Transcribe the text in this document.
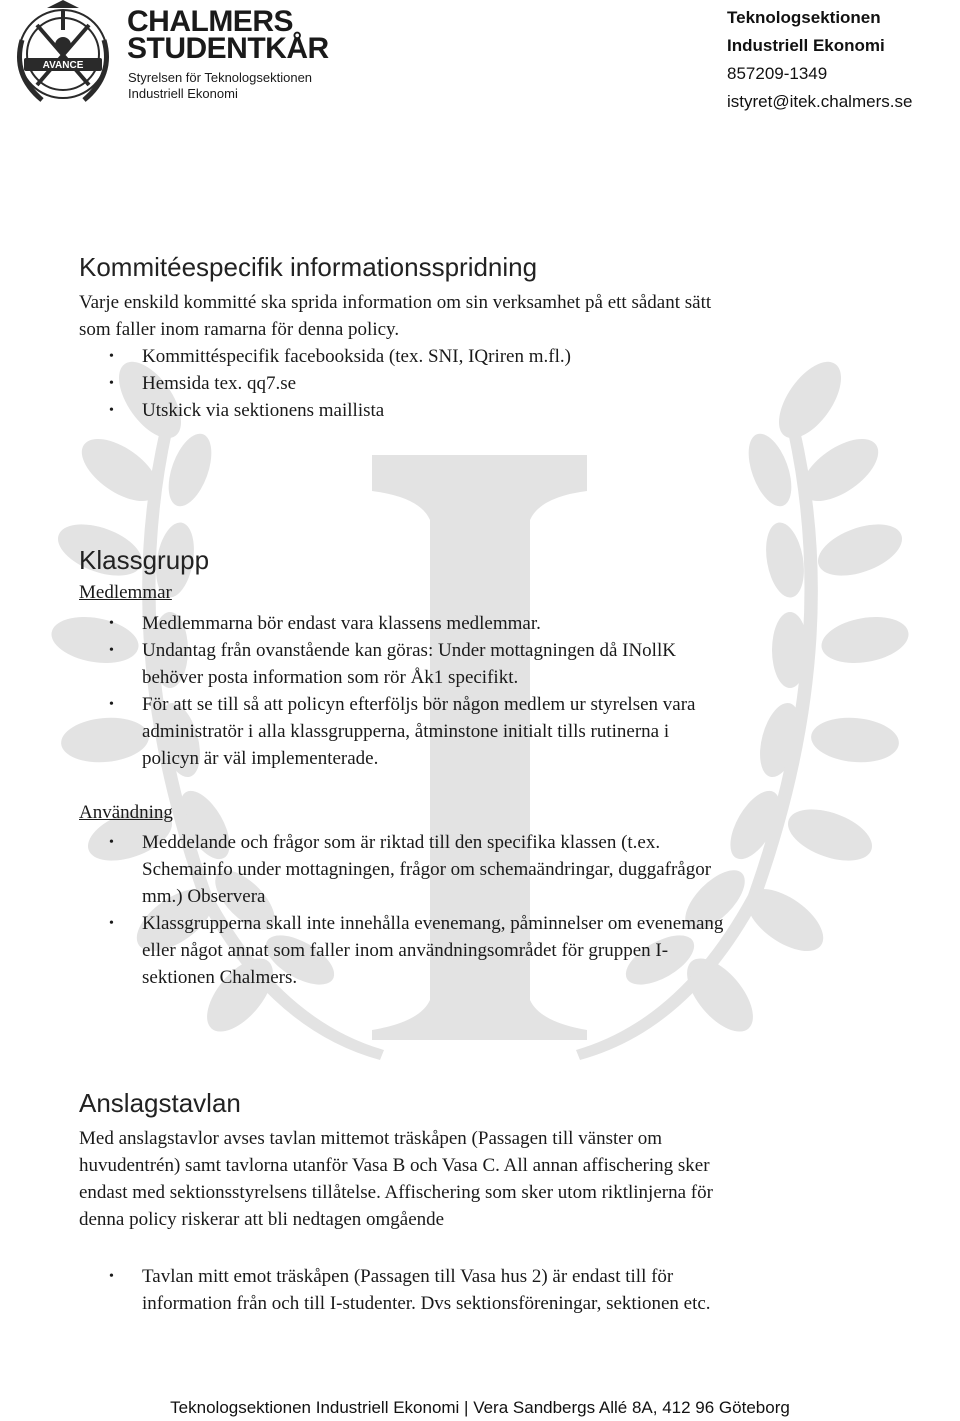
AVANCE
CHALMERS
STUDENTKÅR
Styrelsen för Teknologsektionen
Industriell Ekonomi
Teknologsektionen
Industriell Ekonomi
857209-1349
istyret@itek.chalmers.se
Kommitéespecifik informationsspridning
Varje enskild kommitté ska sprida information om sin verksamhet på ett sådant sätt
som faller inom ramarna för denna policy.
• Kommittéspecifik facebooksida (tex. SNI, IQriren m.fl.)
• Hemsida tex. qq7.se
• Utskick via sektionens maillista
Klassgrupp
Medlemmar
• Medlemmarna bör endast vara klassens medlemmar.
• Undantag från ovanstående kan göras: Under mottagningen då INollK
behöver posta information som rör Åk1 specifikt.
• För att se till så att policyn efterföljs bör någon medlem ur styrelsen vara
administratör i alla klassgrupperna, åtminstone initialt tills rutinerna i
policyn är väl implementerade.
Användning
• Meddelande och frågor som är riktad till den specifika klassen (t.ex.
Schemainfo under mottagningen, frågor om schemaändringar, duggafrågor
mm.) Observera
• Klassgrupperna skall inte innehålla evenemang, påminnelser om evenemang
eller något annat som faller inom användningsområdet för gruppen I-
sektionen Chalmers.
Anslagstavlan
Med anslagstavlor avses tavlan mittemot träskåpen (Passagen till vänster om
huvudentrén) samt tavlorna utanför Vasa B och Vasa C. All annan affischering sker
endast med sektionsstyrelsens tillåtelse. Affischering som sker utom riktlinjerna för
denna policy riskerar att bli nedtagen omgående
• Tavlan mitt emot träskåpen (Passagen till Vasa hus 2) är endast till för
information från och till I-studenter. Dvs sektionsföreningar, sektionen etc.
Teknologsektionen Industriell Ekonomi | Vera Sandbergs Allé 8A, 412 96 Göteborg
